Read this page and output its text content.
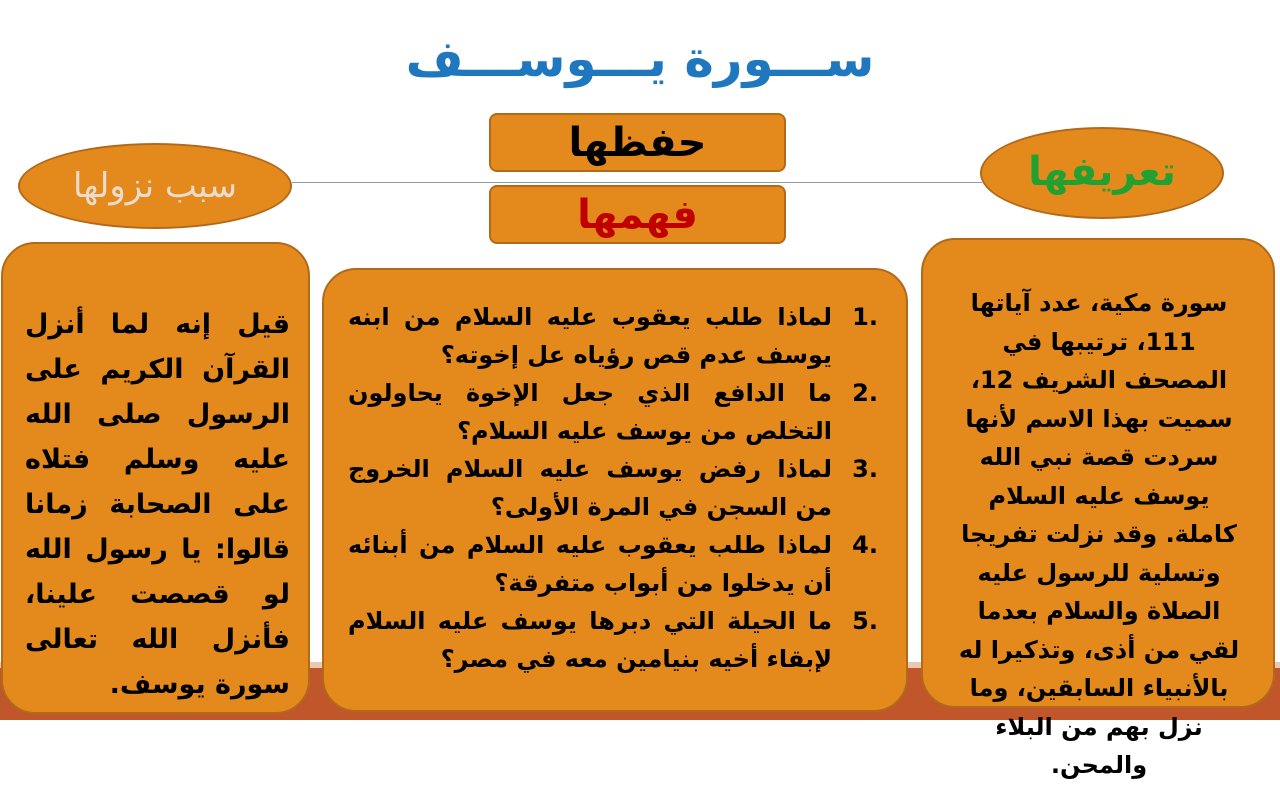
ســـورة يـــوســـف
سبب نزولها	تعريفها
حفظها
فهمها
قيل إنه لما أنزل القرآن الكريم على الرسول صلى الله عليه وسلم فتلاه على الصحابة زمانا قالوا: يا رسول الله لو قصصت علينا، فأنزل الله تعالى سورة يوسف.
1.
لماذا طلب يعقوب عليه السلام من ابنه يوسف عدم قص رؤياه عل إخوته؟
2.
ما الدافع الذي جعل الإخوة يحاولون التخلص من يوسف عليه السلام؟
3.
لماذا رفض يوسف عليه السلام الخروج من السجن في المرة الأولى؟
4.
لماذا طلب يعقوب عليه السلام من أبنائه أن يدخلوا من أبواب متفرقة؟
5.
ما الحيلة التي دبرها يوسف عليه السلام لإبقاء أخيه بنيامين معه في مصر؟
سورة مكية، عدد آياتها 111، ترتيبها في المصحف الشريف 12، سميت بهذا الاسم لأنها سردت قصة نبي الله يوسف عليه السلام كاملة. وقد نزلت تفريجا وتسلية للرسول عليه الصلاة والسلام بعدما لقي من أذى، وتذكيرا له بالأنبياء السابقين، وما نزل بهم من البلاء والمحن.
